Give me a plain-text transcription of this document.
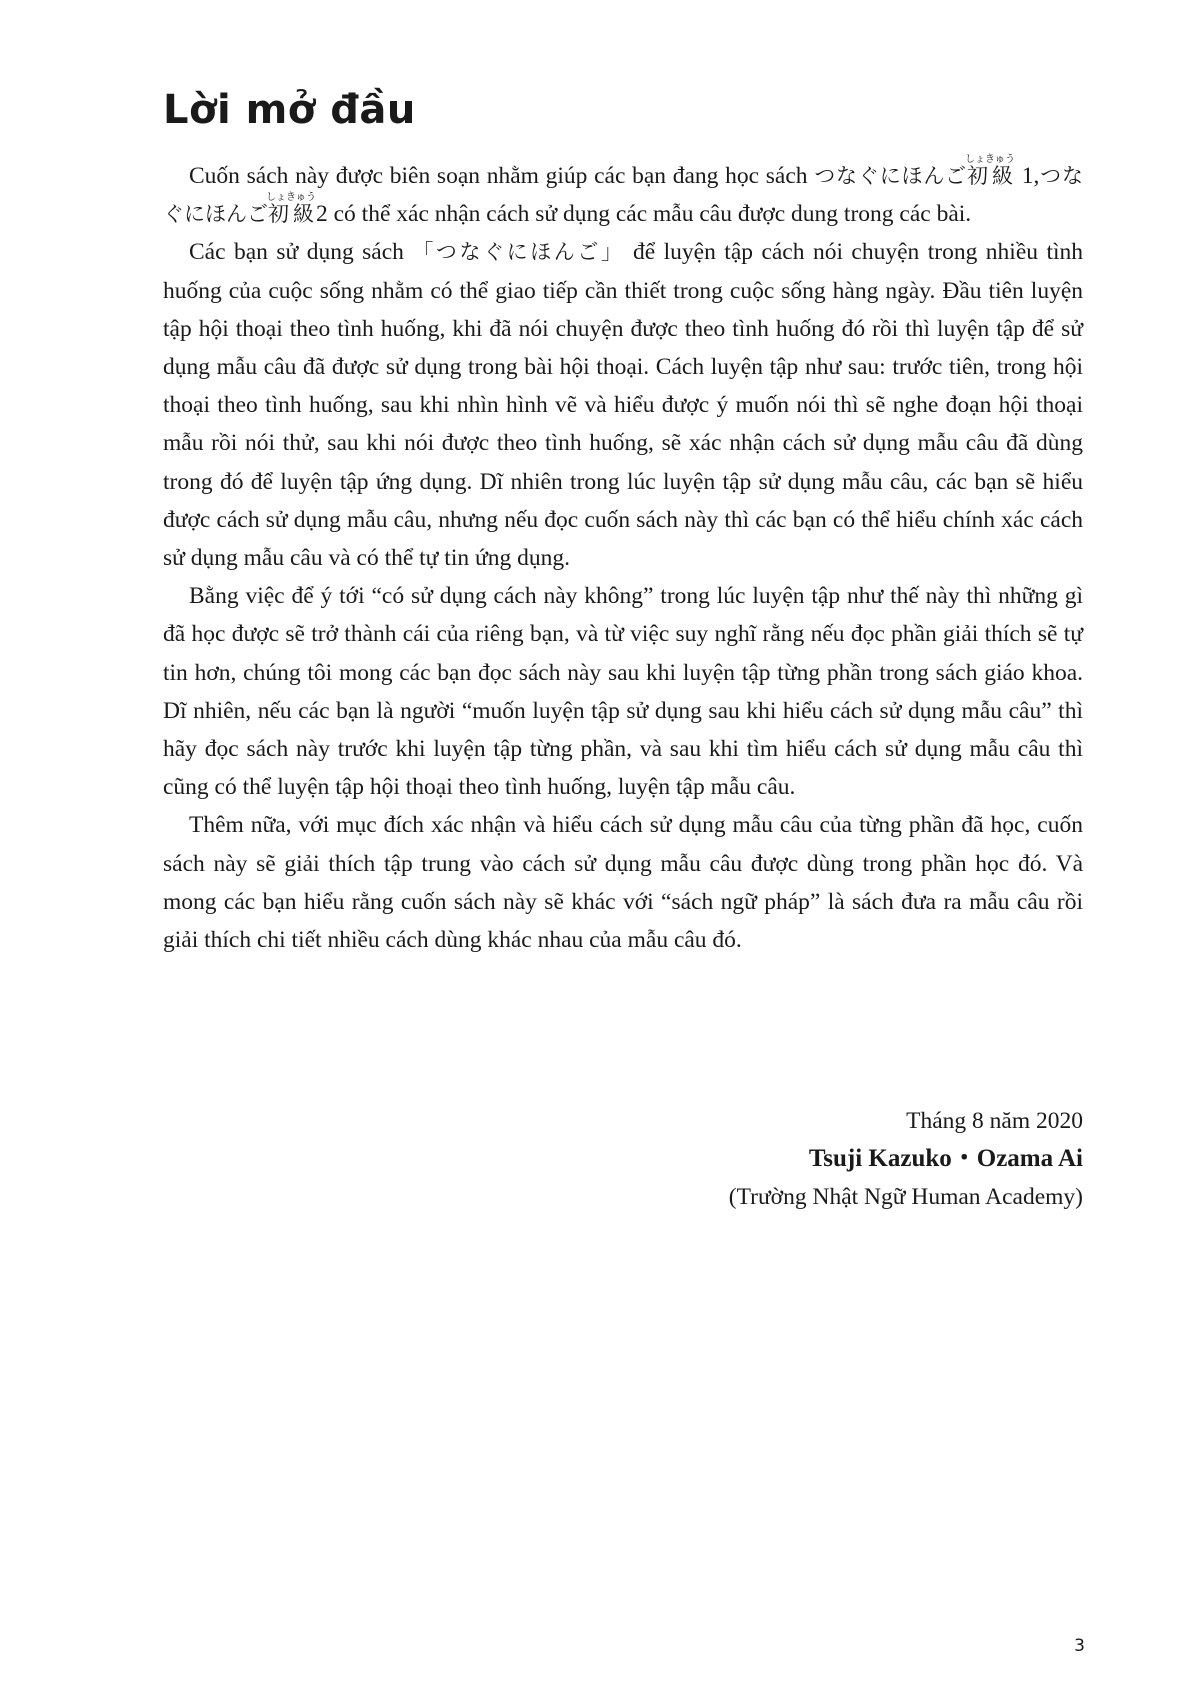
Lời mở đầu

Cuốn sách này được biên soạn nhằm giúp các bạn đang học sách つなぐにほんご初級しょきゅう 1,つなぐにほんご初級しょきゅう2 có thể xác nhận cách sử dụng các mẫu câu được dung trong các bài.

Các bạn sử dụng sách 「つなぐにほんご」 để luyện tập cách nói chuyện trong nhiều tình huống của cuộc sống nhằm có thể giao tiếp cần thiết trong cuộc sống hàng ngày. Đầu tiên luyện tập hội thoại theo tình huống, khi đã nói chuyện được theo tình huống đó rồi thì luyện tập để sử dụng mẫu câu đã được sử dụng trong bài hội thoại. Cách luyện tập như sau: trước tiên, trong hội thoại theo tình huống, sau khi nhìn hình vẽ và hiểu được ý muốn nói thì sẽ nghe đoạn hội thoại mẫu rồi nói thử, sau khi nói được theo tình huống, sẽ xác nhận cách sử dụng mẫu câu đã dùng trong đó để luyện tập ứng dụng. Dĩ nhiên trong lúc luyện tập sử dụng mẫu câu, các bạn sẽ hiểu được cách sử dụng mẫu câu, nhưng nếu đọc cuốn sách này thì các bạn có thể hiểu chính xác cách sử dụng mẫu câu và có thể tự tin ứng dụng.

Bằng việc để ý tới “có sử dụng cách này không” trong lúc luyện tập như thế này thì những gì đã học được sẽ trở thành cái của riêng bạn, và từ việc suy nghĩ rằng nếu đọc phần giải thích sẽ tự tin hơn, chúng tôi mong các bạn đọc sách này sau khi luyện tập từng phần trong sách giáo khoa. Dĩ nhiên, nếu các bạn là người “muốn luyện tập sử dụng sau khi hiểu cách sử dụng mẫu câu” thì hãy đọc sách này trước khi luyện tập từng phần, và sau khi tìm hiểu cách sử dụng mẫu câu thì cũng có thể luyện tập hội thoại theo tình huống, luyện tập mẫu câu.

Thêm nữa, với mục đích xác nhận và hiểu cách sử dụng mẫu câu của từng phần đã học, cuốn sách này sẽ giải thích tập trung vào cách sử dụng mẫu câu được dùng trong phần học đó. Và mong các bạn hiểu rằng cuốn sách này sẽ khác với “sách ngữ pháp” là sách đưa ra mẫu câu rồi giải thích chi tiết nhiều cách dùng khác nhau của mẫu câu đó.

Tháng 8 năm 2020
Tsuji Kazuko・Ozama Ai
(Trường Nhật Ngữ Human Academy)
3
